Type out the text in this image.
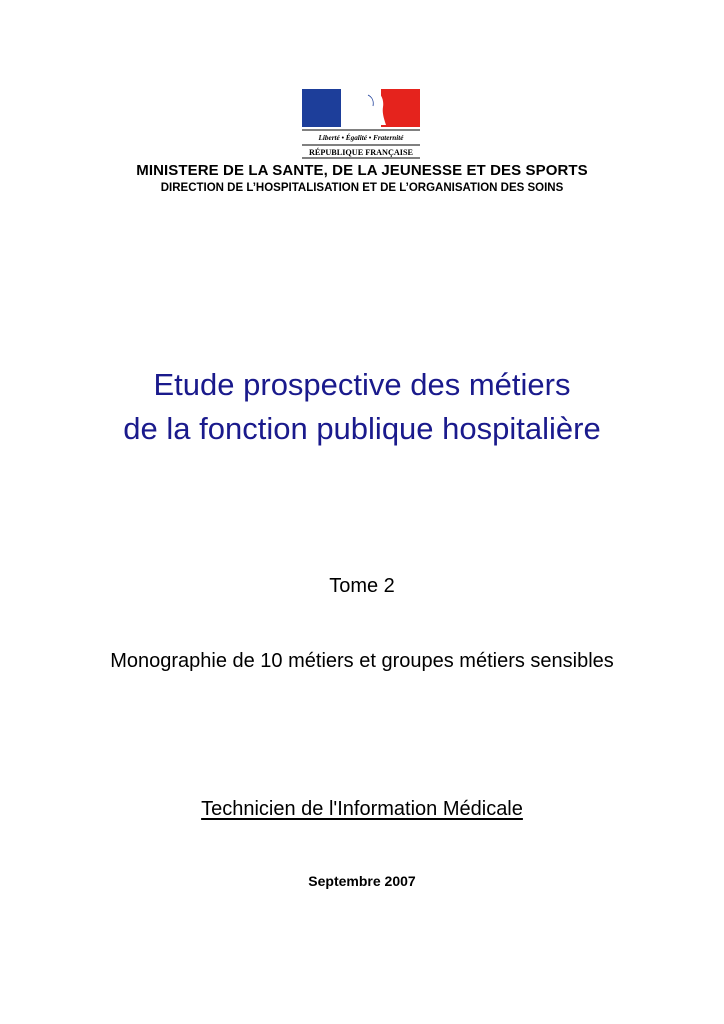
Liberté • Égalité • Fraternité
RÉPUBLIQUE FRANÇAISE
MINISTERE DE LA SANTE, DE LA JEUNESSE ET DES SPORTS
DIRECTION DE L’HOSPITALISATION ET DE L’ORGANISATION DES SOINS
Etude prospective des métiers
de la fonction publique hospitalière
Tome 2
Monographie de 10 métiers et groupes métiers sensibles
Technicien de l'Information Médicale
Septembre 2007
